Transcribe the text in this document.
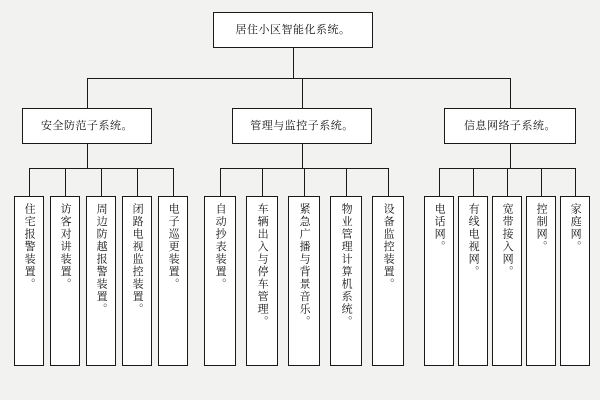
居住小区智能化系统。
安全防范子系统。
住宅报警装置。	访客对讲装置。	周边防越报警装置。	闭路电视监控装置。	电子巡更装置。
管理与监控子系统。
自动抄表装置。	车辆出入与停车管理。	紧急广播与背景音乐。	物业管理计算机系统。	设备监控装置。
信息网络子系统。
电话网。	有线电视网。	宽带接入网。	控制网。	家庭网。
